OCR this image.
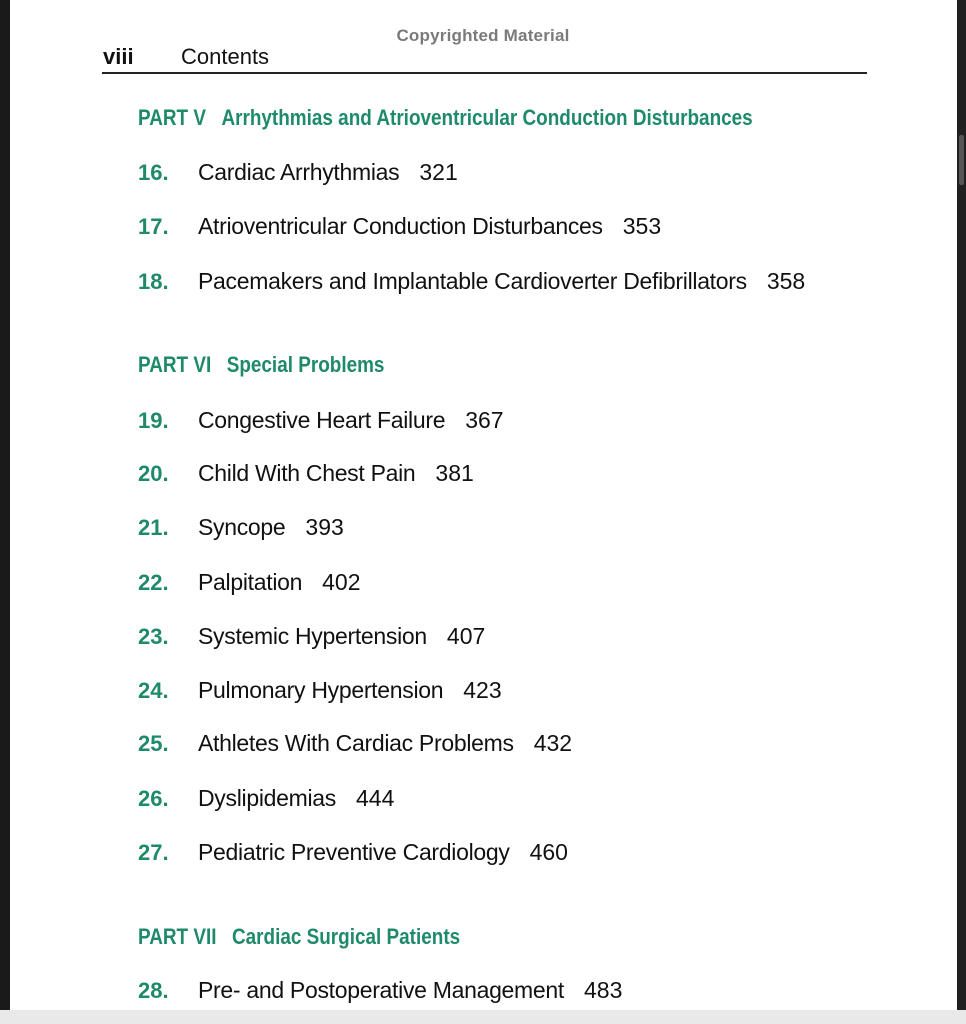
Copyrighted Material
viii Contents
PART V Arrhythmias and Atrioventricular Conduction Disturbances
16. Cardiac Arrhythmias 321
17. Atrioventricular Conduction Disturbances 353
18. Pacemakers and Implantable Cardioverter Defibrillators 358
PART VI Special Problems
19. Congestive Heart Failure 367
20. Child With Chest Pain 381
21. Syncope 393
22. Palpitation 402
23. Systemic Hypertension 407
24. Pulmonary Hypertension 423
25. Athletes With Cardiac Problems 432
26. Dyslipidemias 444
27. Pediatric Preventive Cardiology 460
PART VII Cardiac Surgical Patients
28. Pre- and Postoperative Management 483
